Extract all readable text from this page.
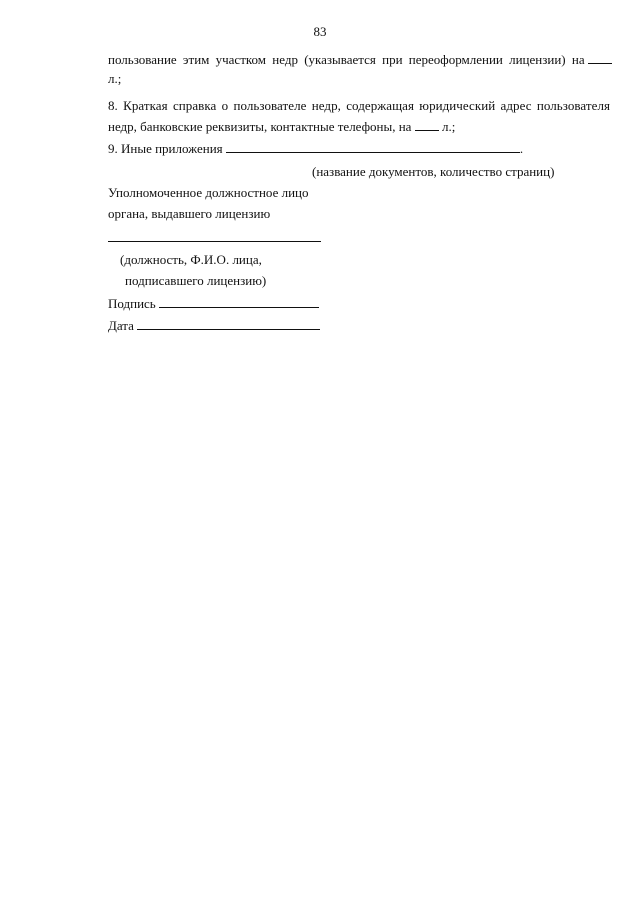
83
пользование этим участком недр (указывается при переоформлении лицензии) на
л.;
8. Краткая справка о пользователе недр, содержащая юридический адрес пользователя
недр, банковские реквизиты, контактные телефоны, на л.;
9. Иные приложения	.
(название документов, количество страниц)
Уполномоченное должностное лицо
органа, выдавшего лицензию
(должность, Ф.И.О. лица,
подписавшего лицензию)
Подпись
Дата
